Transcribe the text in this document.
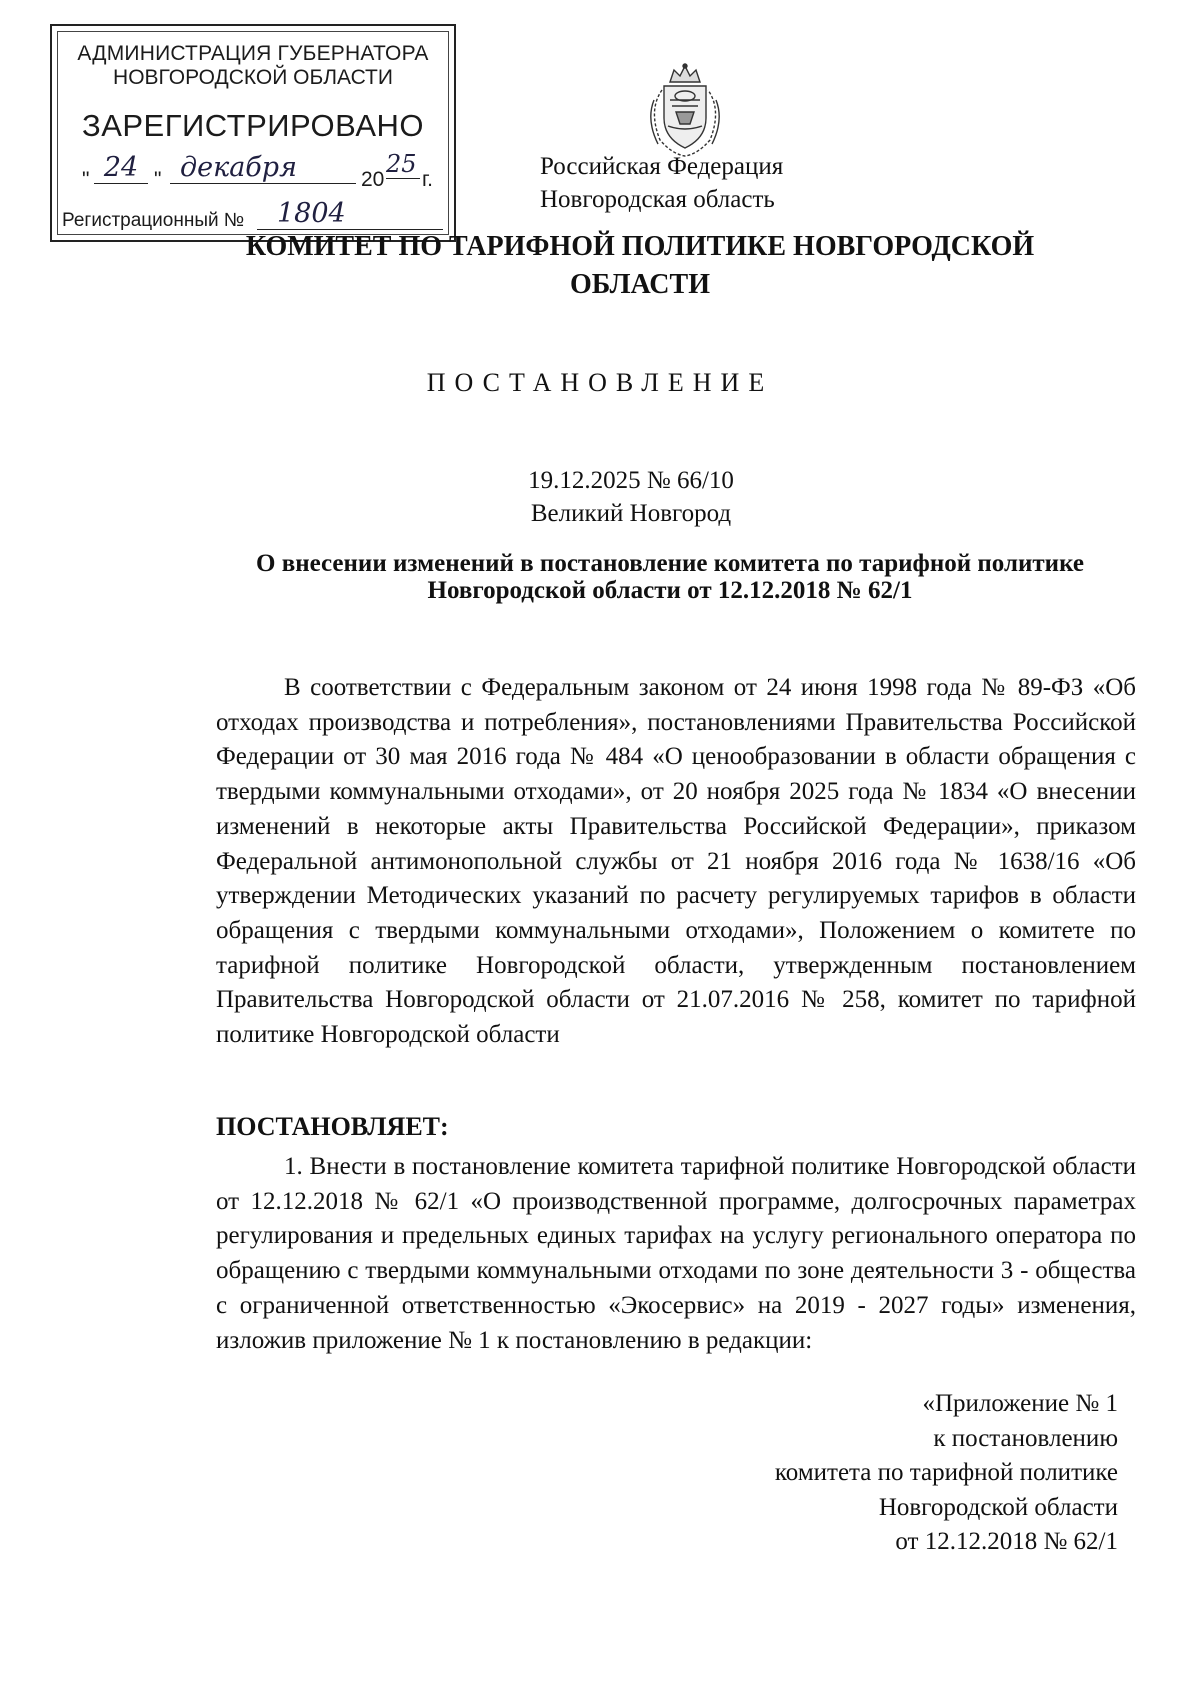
АДМИНИСТРАЦИЯ ГУБЕРНАТОРА
НОВГОРОДСКОЙ ОБЛАСТИ
ЗАРЕГИСТРИРОВАНО
" 24 " декабря	20
25
г.
Регистрационный №	1804
Российская Федерация
Новгородская область
КОМИТЕТ ПО ТАРИФНОЙ ПОЛИТИКЕ НОВГОРОДСКОЙ ОБЛАСТИ
ПОСТАНОВЛЕНИЕ
19.12.2025 № 66/10
Великий Новгород
О внесении изменений в постановление комитета по тарифной политике Новгородской области от 12.12.2018 № 62/1
В соответствии с Федеральным законом от 24 июня 1998 года № 89-ФЗ «Об отходах производства и потребления», постановлениями Правительства Российской Федерации от 30 мая 2016 года № 484 «О ценообразовании в области обращения с твердыми коммунальными отходами», от 20 ноября 2025 года № 1834 «О внесении изменений в некоторые акты Правительства Российской Федерации», приказом Федеральной антимонопольной службы от 21 ноября 2016 года № 1638/16 «Об утверждении Методических указаний по расчету регулируемых тарифов в области обращения с твердыми коммунальными отходами», Положением о комитете по тарифной политике Новгородской области, утвержденным постановлением Правительства Новгородской области от 21.07.2016 № 258, комитет по тарифной политике Новгородской области
ПОСТАНОВЛЯЕТ:
1. Внести в постановление комитета тарифной политике Новгородской области от 12.12.2018 № 62/1 «О производственной программе, долгосрочных параметрах регулирования и предельных единых тарифах на услугу регионального оператора по обращению с твердыми коммунальными отходами по зоне деятельности 3 - общества с ограниченной ответственностью «Экосервис» на 2019 - 2027 годы» изменения, изложив приложение № 1 к постановлению в редакции:
«Приложение № 1
к постановлению
комитета по тарифной политике
Новгородской области
от 12.12.2018 № 62/1
